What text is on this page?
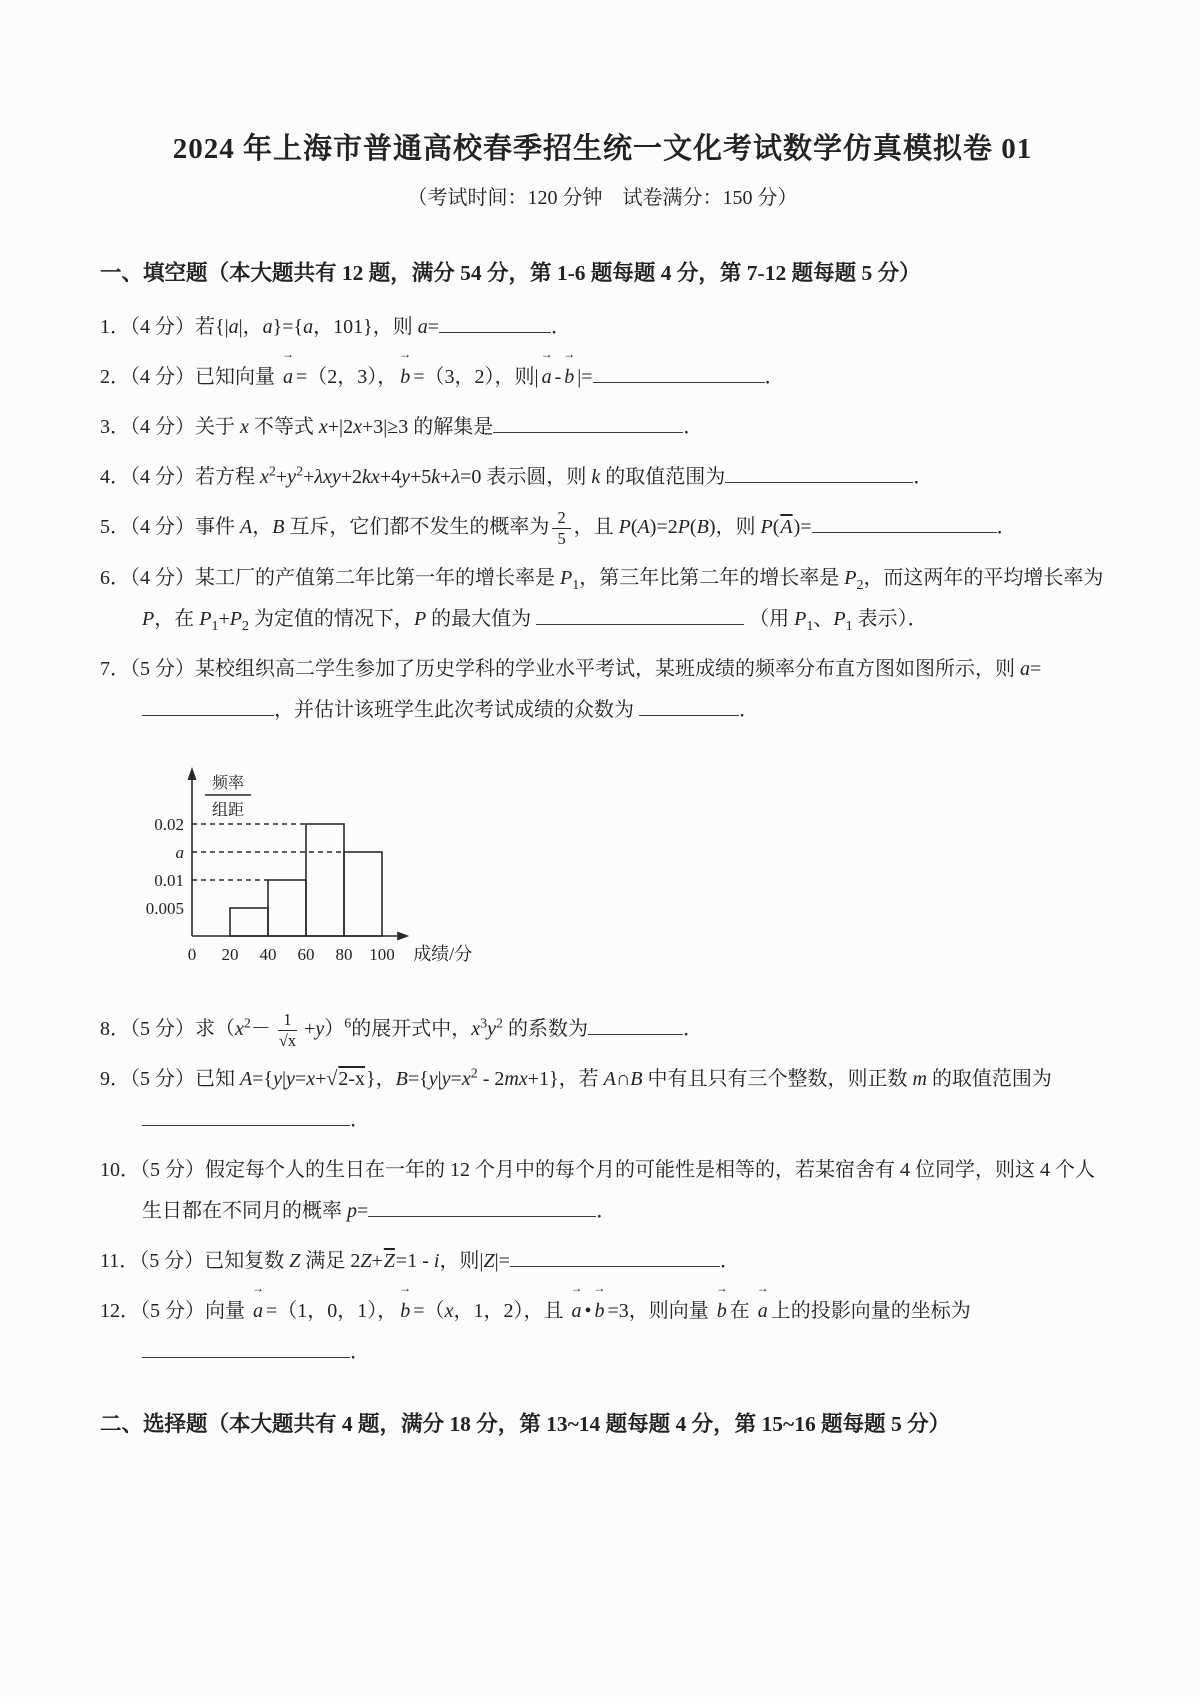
2024 年上海市普通高校春季招生统一文化考试数学仿真模拟卷 01

（考试时间：120 分钟　试卷满分：150 分）

一、填空题（本大题共有 12 题，满分 54 分，第 1-6 题每题 4 分，第 7-12 题每题 5 分）
1．（4 分）若{|a|，a}={a，101}，则 a=	．
2．（4 分）已知向量
→
a =（2，3），
→
b =（3，2），则|
→
a -
→
b |=	．
3．（4 分）关于 x 不等式 x+|2x+3|≥3 的解集是	．
4．（4 分）若方程 $x^2+y^2+\lambda xy+2kx+4y+5k+\lambda=0$ 表示圆，则 k 的取值范围为	．
5．（4 分）事件 A，B 互斥，它们都不发生的概率为 $\frac{2}{5}$ ，且 P(A)=2P(B)，则 $P(\overline{A})=$	．
6．（4 分）某工厂的产值第二年比第一年的增长率是 $P_1$，第三年比第二年的增长率是 $P_2$，而这两年的平均增长率为 P，在 $P_1+P_2$ 为定值的情况下，P 的最大值为	（用 $P_1$、$P_1$ 表示）．
7．（5 分）某校组织高二学生参加了历史学科的学业水平考试，某班成绩的频率分布直方图如图所示，则 a=，并估计该班学生此次考试成绩的众数为	．
0.02
a
0.01
0.005
0 20 40 60 80 100 成绩/分
频率
组距
8．（5 分）求$(x^2- \frac{1}{√x} +y)^6$的展开式中，$x^3y^2$ 的系数为	．
9．（5 分）已知 A={y|y=x+√2-x}，$B=\{y|y=x^2 - 2mx+1\}$，若 A∩B 中有且只有三个整数，则正数 m 的取值范围为 ．
10．（5 分）假定每个人的生日在一年的 12 个月中的每个月的可能性是相等的，若某宿舍有 4 位同学，则这 4 个人生日都在不同月的概率 p=	．
11．（5 分）已知复数 Z 满足 $2Z+\overline{Z}=1 - i$，则|Z|=	．
12．（5 分）向量
→
a =（1，0，1），
→
b =（x，1，2），且
→
a •
→
b =3，则向量
→
b 在
→
a 上的投影向量的坐标为 ．
二、选择题（本大题共有 4 题，满分 18 分，第 13~14 题每题 4 分，第 15~16 题每题 5 分）
